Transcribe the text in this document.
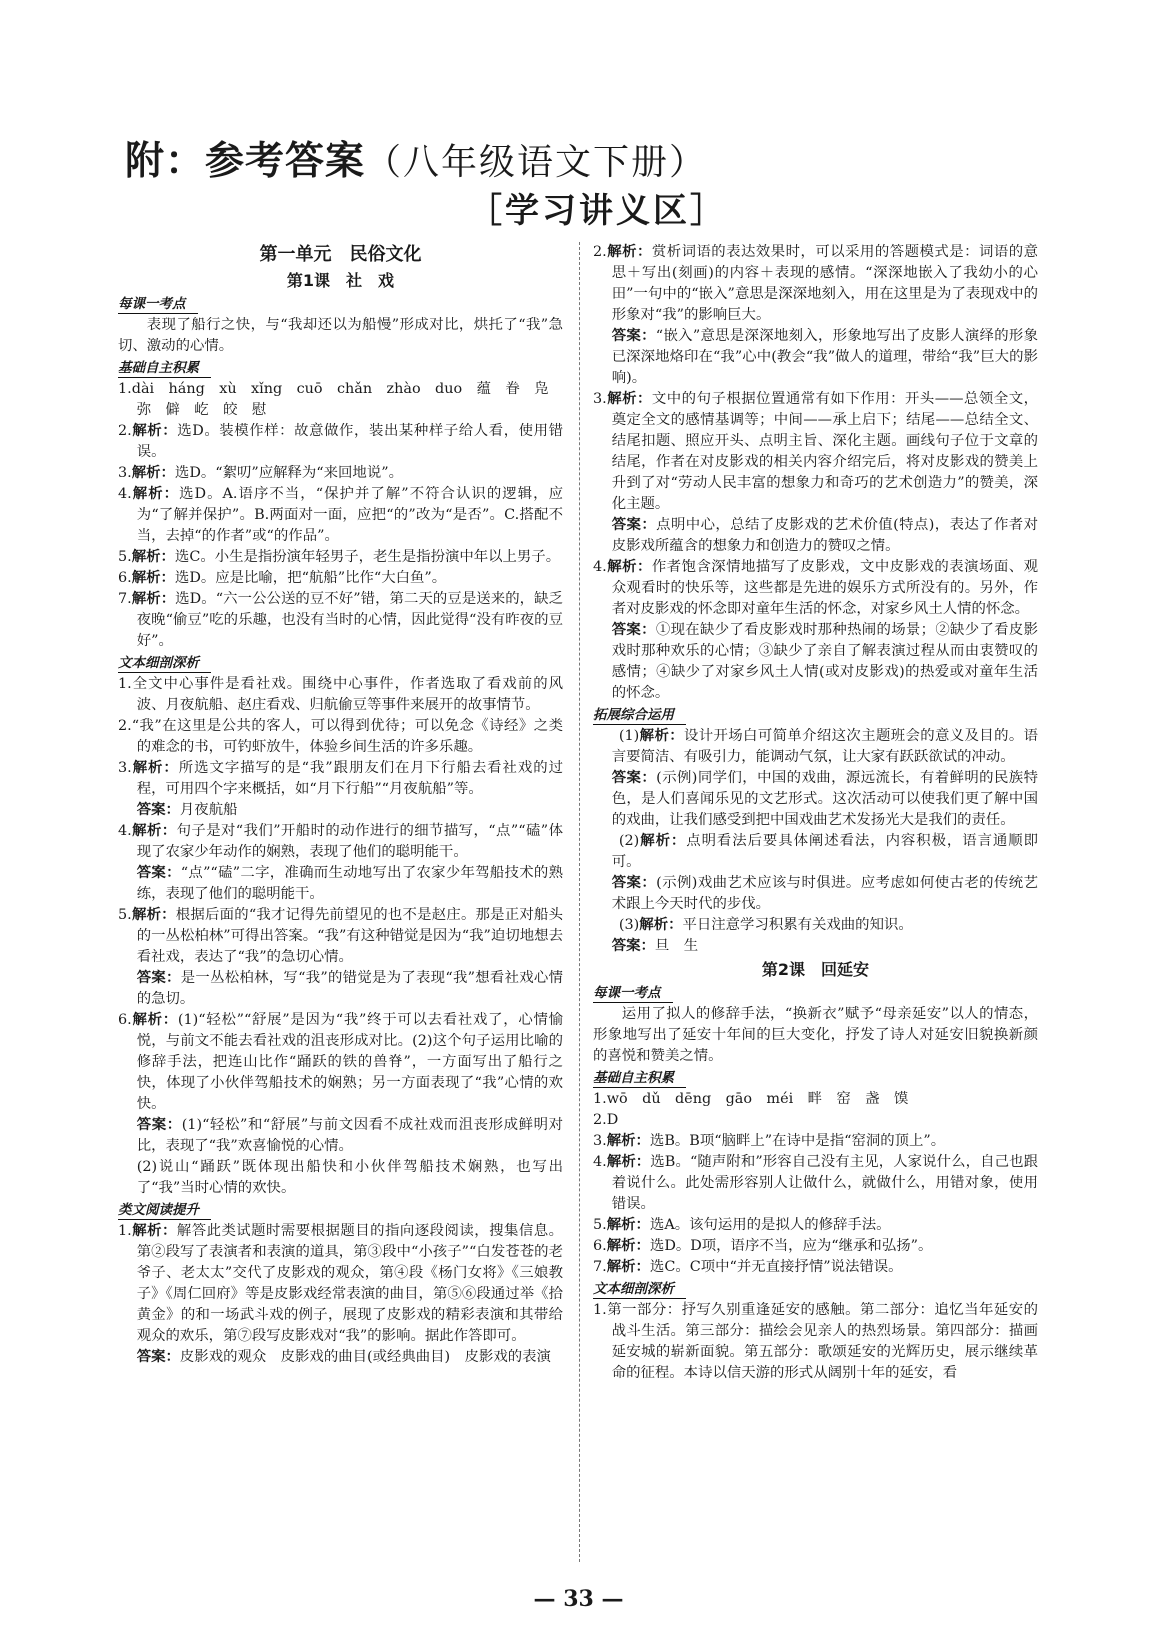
附：参考答案（八年级语文下册）
［学习讲义区］
第一单元　民俗文化
第1课　社　戏
每课一考点
表现了船行之快，与“我却还以为船慢”形成对比，烘托了“我”急切、激动的心情。
基础自主积累
1.dài　háng　xù　xǐng　cuō　chǎn　zhào　duo　蕴　眷　凫
弥　僻　屹　皎　慰
2.解析：选D。装模作样：故意做作，装出某种样子给人看，使用错误。
3.解析：选D。“絮叨”应解释为“来回地说”。
4.解析：选D。A.语序不当，“保护并了解”不符合认识的逻辑，应为“了解并保护”。B.两面对一面，应把“的”改为“是否”。C.搭配不当，去掉“的作者”或“的作品”。
5.解析：选C。小生是指扮演年轻男子，老生是指扮演中年以上男子。
6.解析：选D。应是比喻，把“航船”比作“大白鱼”。
7.解析：选D。“六一公公送的豆不好”错，第二天的豆是送来的，缺乏夜晚“偷豆”吃的乐趣，也没有当时的心情，因此觉得“没有昨夜的豆好”。
文本细剖深析
1.全文中心事件是看社戏。围绕中心事件，作者选取了看戏前的风波、月夜航船、赵庄看戏、归航偷豆等事件来展开的故事情节。
2.“我”在这里是公共的客人，可以得到优待；可以免念《诗经》之类的难念的书，可钓虾放牛，体验乡间生活的许多乐趣。
3.解析：所选文字描写的是“我”跟朋友们在月下行船去看社戏的过程，可用四个字来概括，如“月下行船”“月夜航船”等。
答案：月夜航船
4.解析：句子是对“我们”开船时的动作进行的细节描写，“点”“磕”体现了农家少年动作的娴熟，表现了他们的聪明能干。
答案：“点”“磕”二字，准确而生动地写出了农家少年驾船技术的熟练，表现了他们的聪明能干。
5.解析：根据后面的“我才记得先前望见的也不是赵庄。那是正对船头的一丛松柏林”可得出答案。“我”有这种错觉是因为“我”迫切地想去看社戏，表达了“我”的急切心情。
答案：是一丛松柏林，写“我”的错觉是为了表现“我”想看社戏心情的急切。
6.解析：(1)“轻松”“舒展”是因为“我”终于可以去看社戏了，心情愉悦，与前文不能去看社戏的沮丧形成对比。(2)这个句子运用比喻的修辞手法，把连山比作“踊跃的铁的兽脊”，一方面写出了船行之快，体现了小伙伴驾船技术的娴熟；另一方面表现了“我”心情的欢快。
答案：(1)“轻松”和“舒展”与前文因看不成社戏而沮丧形成鲜明对比，表现了“我”欢喜愉悦的心情。
(2)说山“踊跃”既体现出船快和小伙伴驾船技术娴熟，也写出了“我”当时心情的欢快。
类文阅读提升
1.解析：解答此类试题时需要根据题目的指向逐段阅读，搜集信息。第②段写了表演者和表演的道具，第③段中“小孩子”“白发苍苍的老爷子、老太太”交代了皮影戏的观众，第④段《杨门女将》《三娘教子》《周仁回府》等是皮影戏经常表演的曲目，第⑤⑥段通过举《拾黄金》的和一场武斗戏的例子，展现了皮影戏的精彩表演和其带给观众的欢乐，第⑦段写皮影戏对“我”的影响。据此作答即可。
答案：皮影戏的观众　皮影戏的曲目(或经典曲目)　皮影戏的表演
2.解析：赏析词语的表达效果时，可以采用的答题模式是：词语的意思＋写出(刻画)的内容＋表现的感情。“深深地嵌入了我幼小的心田”一句中的“嵌入”意思是深深地刻入，用在这里是为了表现戏中的形象对“我”的影响巨大。
答案：“嵌入”意思是深深地刻入，形象地写出了皮影人演绎的形象已深深地烙印在“我”心中(教会“我”做人的道理，带给“我”巨大的影响)。
3.解析：文中的句子根据位置通常有如下作用：开头——总领全文，奠定全文的感情基调等；中间——承上启下；结尾——总结全文、结尾扣题、照应开头、点明主旨、深化主题。画线句子位于文章的结尾，作者在对皮影戏的相关内容介绍完后，将对皮影戏的赞美上升到了对“劳动人民丰富的想象力和奇巧的艺术创造力”的赞美，深化主题。
答案：点明中心，总结了皮影戏的艺术价值(特点)，表达了作者对皮影戏所蕴含的想象力和创造力的赞叹之情。
4.解析：作者饱含深情地描写了皮影戏，文中皮影戏的表演场面、观众观看时的快乐等，这些都是先进的娱乐方式所没有的。另外，作者对皮影戏的怀念即对童年生活的怀念，对家乡风土人情的怀念。
答案：①现在缺少了看皮影戏时那种热闹的场景；②缺少了看皮影戏时那种欢乐的心情；③缺少了亲自了解表演过程从而由衷赞叹的感情；④缺少了对家乡风土人情(或对皮影戏)的热爱或对童年生活的怀念。
拓展综合运用
(1)解析：设计开场白可简单介绍这次主题班会的意义及目的。语言要简洁、有吸引力，能调动气氛，让大家有跃跃欲试的冲动。
答案：(示例)同学们，中国的戏曲，源远流长，有着鲜明的民族特色，是人们喜闻乐见的文艺形式。这次活动可以使我们更了解中国的戏曲，让我们感受到把中国戏曲艺术发扬光大是我们的责任。
(2)解析：点明看法后要具体阐述看法，内容积极，语言通顺即可。
答案：(示例)戏曲艺术应该与时俱进。应考虑如何使古老的传统艺术跟上今天时代的步伐。
(3)解析：平日注意学习积累有关戏曲的知识。
答案：旦　生
第2课　回延安
每课一考点
运用了拟人的修辞手法，“换新衣”赋予“母亲延安”以人的情态，形象地写出了延安十年间的巨大变化，抒发了诗人对延安旧貌换新颜的喜悦和赞美之情。
基础自主积累
1.wō　dǔ　dēng　gāo　méi　畔　窑　盏　馍
2.D
3.解析：选B。B项“脑畔上”在诗中是指“窑洞的顶上”。
4.解析：选B。“随声附和”形容自己没有主见，人家说什么，自己也跟着说什么。此处需形容别人让做什么，就做什么，用错对象，使用错误。
5.解析：选A。该句运用的是拟人的修辞手法。
6.解析：选D。D项，语序不当，应为“继承和弘扬”。
7.解析：选C。C项中“并无直接抒情”说法错误。
文本细剖深析
1.第一部分：抒写久别重逢延安的感触。第二部分：追忆当年延安的战斗生活。第三部分：描绘会见亲人的热烈场景。第四部分：描画延安城的崭新面貌。第五部分：歌颂延安的光辉历史，展示继续革命的征程。本诗以信天游的形式从阔别十年的延安，看
— 33 —
